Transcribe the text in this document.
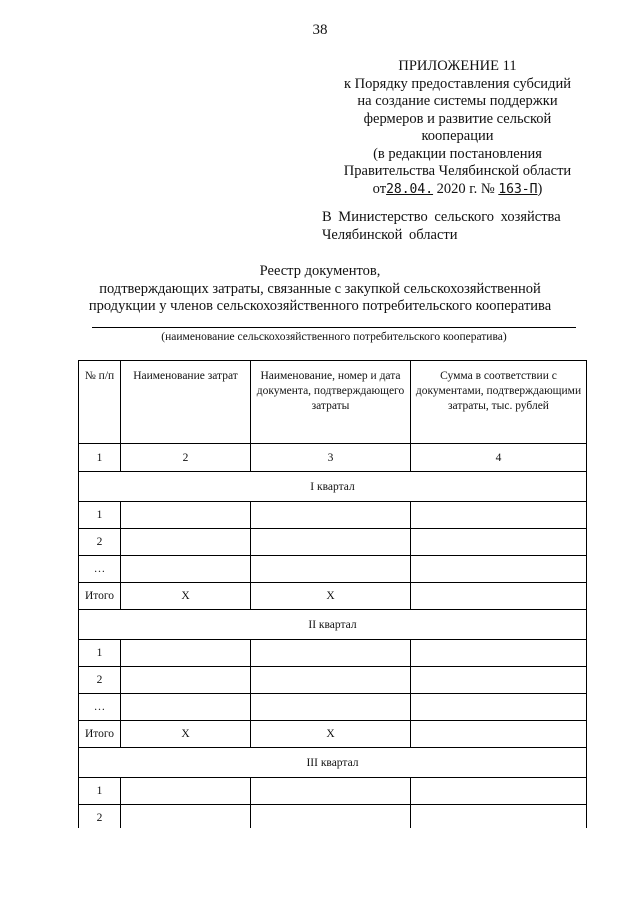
38
ПРИЛОЖЕНИЕ 11
к Порядку предоставления субсидий
на создание системы поддержки
фермеров и развитие сельской
кооперации
(в редакции постановления
Правительства Челябинской области
от28.04. 2020 г. № 163-П)
В Министерство сельского хозяйства
Челябинской области
Реестр документов,
подтверждающих затраты, связанные с закупкой сельскохозяйственной
продукции у членов сельскохозяйственного потребительского кооператива
(наименование сельскохозяйственного потребительского кооператива)
№ п/п	Наименование затрат	Наименование, номер и дата документа, подтверждающего затраты	Сумма в соответствии с документами, подтверждающими затраты, тыс. рублей
1	2	3	4
I квартал			
1			
2			
…			
Итого	Х	Х	
II квартал			
1			
2			
…			
Итого	Х	Х	
III квартал			
1			
2			
